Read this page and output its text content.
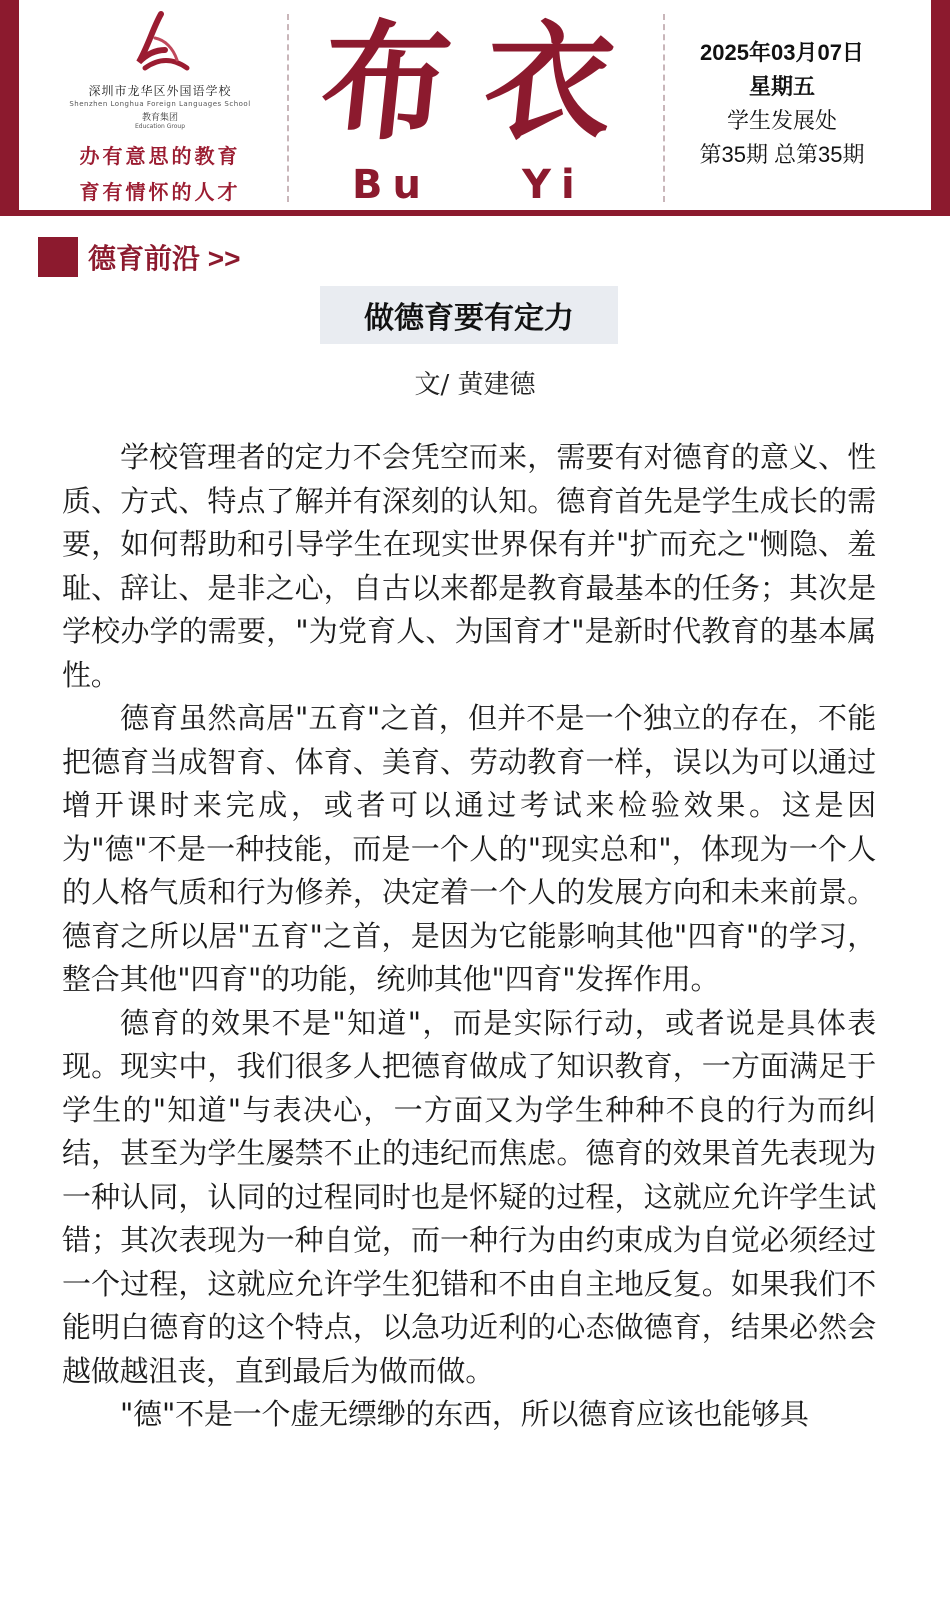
深圳市龙华区外国语学校
Shenzhen Longhua Foreign Languages School
教育集团
Education Group
办有意思的教育
育有情怀的人才
布 衣
Bu Yi
2025年03月07日
星期五
学生发展处
第35期 总第35期
德育前沿 >>
做德育要有定力
文/ 黄建德

学校管理者的定力不会凭空而来，需要有对德育的意义、性质、方式、特点了解并有深刻的认知。德育首先是学生成长的需要，如何帮助和引导学生在现实世界保有并"扩而充之"恻隐、羞耻、辞让、是非之心，自古以来都是教育最基本的任务；其次是学校办学的需要，"为党育人、为国育才"是新时代教育的基本属性。

德育虽然高居"五育"之首，但并不是一个独立的存在，不能把德育当成智育、体育、美育、劳动教育一样，误以为可以通过增开课时来完成，或者可以通过考试来检验效果。这是因为"德"不是一种技能，而是一个人的"现实总和"，体现为一个人的人格气质和行为修养，决定着一个人的发展方向和未来前景。德育之所以居"五育"之首，是因为它能影响其他"四育"的学习，整合其他"四育"的功能，统帅其他"四育"发挥作用。

德育的效果不是"知道"，而是实际行动，或者说是具体表现。现实中，我们很多人把德育做成了知识教育，一方面满足于学生的"知道"与表决心，一方面又为学生种种不良的行为而纠结，甚至为学生屡禁不止的违纪而焦虑。德育的效果首先表现为一种认同，认同的过程同时也是怀疑的过程，这就应允许学生试错；其次表现为一种自觉，而一种行为由约束成为自觉必须经过一个过程，这就应允许学生犯错和不由自主地反复。如果我们不能明白德育的这个特点，以急功近利的心态做德育，结果必然会越做越沮丧，直到最后为做而做。

"德"不是一个虚无缥缈的东西，所以德育应该也能够具
